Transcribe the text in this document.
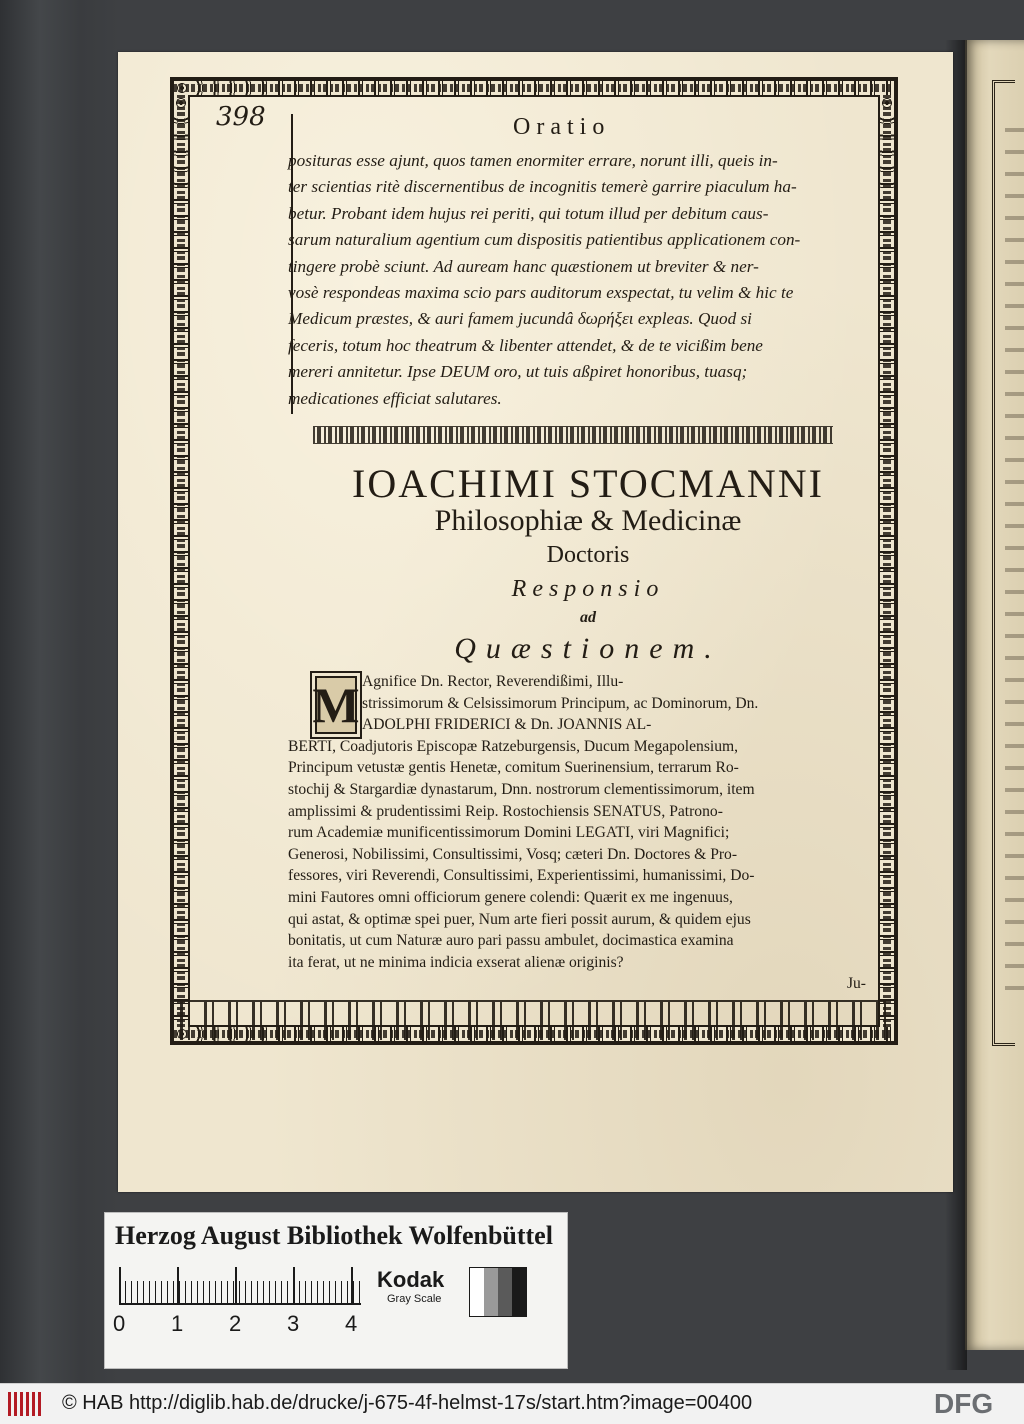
398	Oratio
posituras esse ajunt, quos tamen enormiter errare, norunt illi, queis in-
ter scientias ritè discernentibus de incognitis temerè garrire piaculum ha-
betur. Probant idem hujus rei periti, qui totum illud per debitum caus-
sarum naturalium agentium cum dispositis patientibus applicationem con-
tingere probè sciunt. Ad auream hanc quæstionem ut breviter & ner-
vosè respondeas maxima scio pars auditorum exspectat, tu velim & hic te
Medicum præstes, & auri famem jucundâ δωρήξει expleas. Quod si
feceris, totum hoc theatrum & libenter attendet, & de te vicißim bene
mereri annitetur. Ipse DEUM oro, ut tuis aßpiret honoribus, tuasq;
medicationes efficiat salutares.
IOACHIMI STOCMANNI
Philosophiæ & Medicinæ
Doctoris
Responsio
ad
Quæstionem.
M Agnifice Dn. Rector, Reverendißimi, Illu-
strissimorum & Celsissimorum Principum, ac Dominorum, Dn.
ADOLPHI FRIDERICI & Dn. JOANNIS AL-
BERTI, Coadjutoris Episcopæ Ratzeburgensis, Ducum Megapolensium,
Principum vetustæ gentis Henetæ, comitum Suerinensium, terrarum Ro-
stochij & Stargardiæ dynastarum, Dnn. nostrorum clementissimorum, item
amplissimi & prudentissimi Reip. Rostochiensis SENATUS, Patrono-
rum Academiæ munificentissimorum Domini LEGATI, viri Magnifici;
Generosi, Nobilissimi, Consultissimi, Vosq; cæteri Dn. Doctores & Pro-
fessores, viri Reverendi, Consultissimi, Experientissimi, humanissimi, Do-
mini Fautores omni officiorum genere colendi: Quærit ex me ingenuus,
qui astat, & optimæ spei puer, Num arte fieri possit aurum, & quidem ejus
bonitatis, ut cum Naturæ auro pari passu ambulet, docimastica examina
ita ferat, ut ne minima indicia exserat alienæ originis?
Ju-
Herzog August Bibliothek Wolfenbüttel
0 1 2 3 4
Kodak
Gray Scale
© HAB http://diglib.hab.de/drucke/j-675-4f-helmst-17s/start.htm?image=00400	DFG
